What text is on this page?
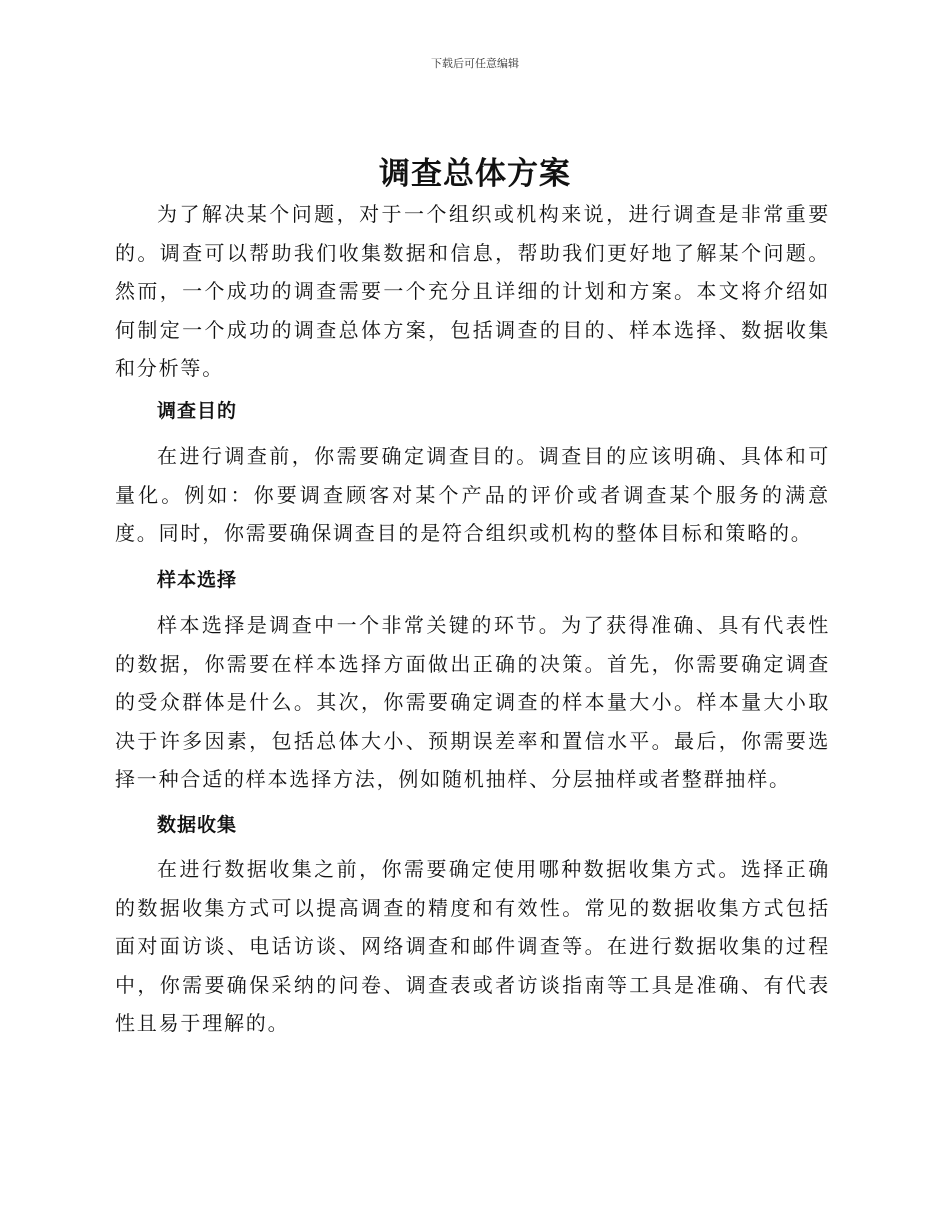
下载后可任意编辑
调查总体方案

为了解决某个问题，对于一个组织或机构来说，进行调查是非常重要的。调查可以帮助我们收集数据和信息，帮助我们更好地了解某个问题。然而，一个成功的调查需要一个充分且详细的计划和方案。本文将介绍如何制定一个成功的调查总体方案，包括调查的目的、样本选择、数据收集和分析等。

调查目的

在进行调查前，你需要确定调查目的。调查目的应该明确、具体和可量化。例如：你要调查顾客对某个产品的评价或者调查某个服务的满意度。同时，你需要确保调查目的是符合组织或机构的整体目标和策略的。

样本选择

样本选择是调查中一个非常关键的环节。为了获得准确、具有代表性的数据，你需要在样本选择方面做出正确的决策。首先，你需要确定调查的受众群体是什么。其次，你需要确定调查的样本量大小。样本量大小取决于许多因素，包括总体大小、预期误差率和置信水平。最后，你需要选择一种合适的样本选择方法，例如随机抽样、分层抽样或者整群抽样。

数据收集

在进行数据收集之前，你需要确定使用哪种数据收集方式。选择正确的数据收集方式可以提高调查的精度和有效性。常见的数据收集方式包括面对面访谈、电话访谈、网络调查和邮件调查等。在进行数据收集的过程中，你需要确保采纳的问卷、调查表或者访谈指南等工具是准确、有代表性且易于理解的。
